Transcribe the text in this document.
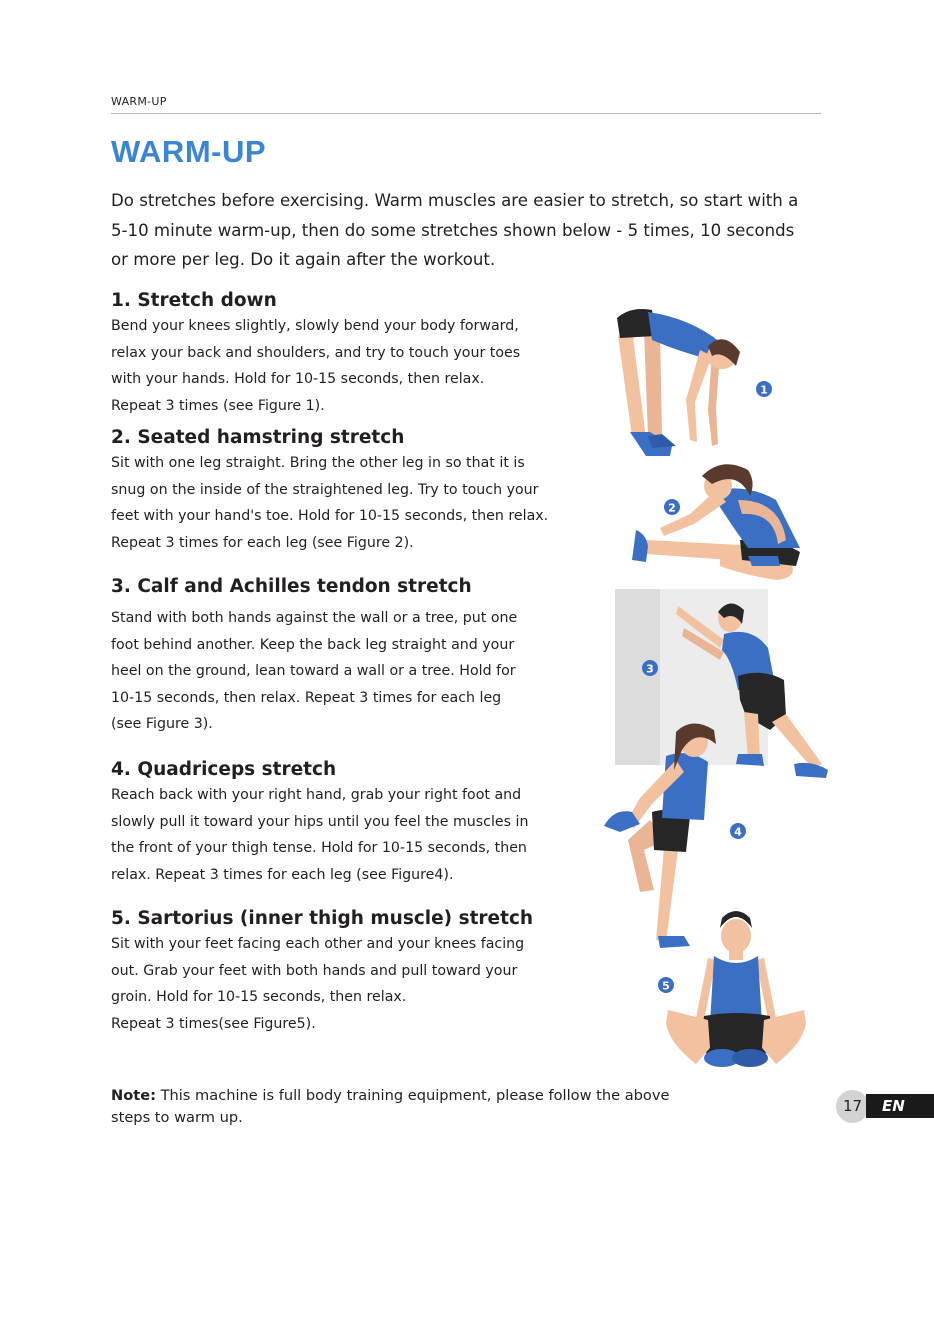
WARM-UP
WARM-UP

Do stretches before exercising. Warm muscles are easier to stretch, so start with a 5-10 minute warm-up, then do some stretches shown below - 5 times, 10 seconds or more per leg. Do it again after the workout.

1. Stretch down

Bend your knees slightly, slowly bend your body forward,
relax your back and shoulders, and try to touch your toes
with your hands. Hold for 10-15 seconds, then relax.
Repeat 3 times (see Figure 1).

2. Seated hamstring stretch

Sit with one leg straight. Bring the other leg in so that it is
snug on the inside of the straightened leg. Try to touch your
feet with your hand's toe. Hold for 10-15 seconds, then relax.
Repeat 3 times for each leg (see Figure 2).

3. Calf and Achilles tendon stretch

Stand with both hands against the wall or a tree, put one
foot behind another. Keep the back leg straight and your
heel on the ground, lean toward a wall or a tree. Hold for
10-15 seconds, then relax. Repeat 3 times for each leg
(see Figure 3).

4. Quadriceps stretch

Reach back with your right hand, grab your right foot and
slowly pull it toward your hips until you feel the muscles in
the front of your thigh tense. Hold for 10-15 seconds, then
relax. Repeat 3 times for each leg (see Figure4).

5. Sartorius (inner thigh muscle) stretch

Sit with your feet facing each other and your knees facing
out. Grab your feet with both hands and pull toward your
groin. Hold for 10-15 seconds, then relax.
Repeat 3 times(see Figure5).

Note: This machine is full body training equipment, please follow the above steps to warm up.

1
2
3
4
5
17	EN
